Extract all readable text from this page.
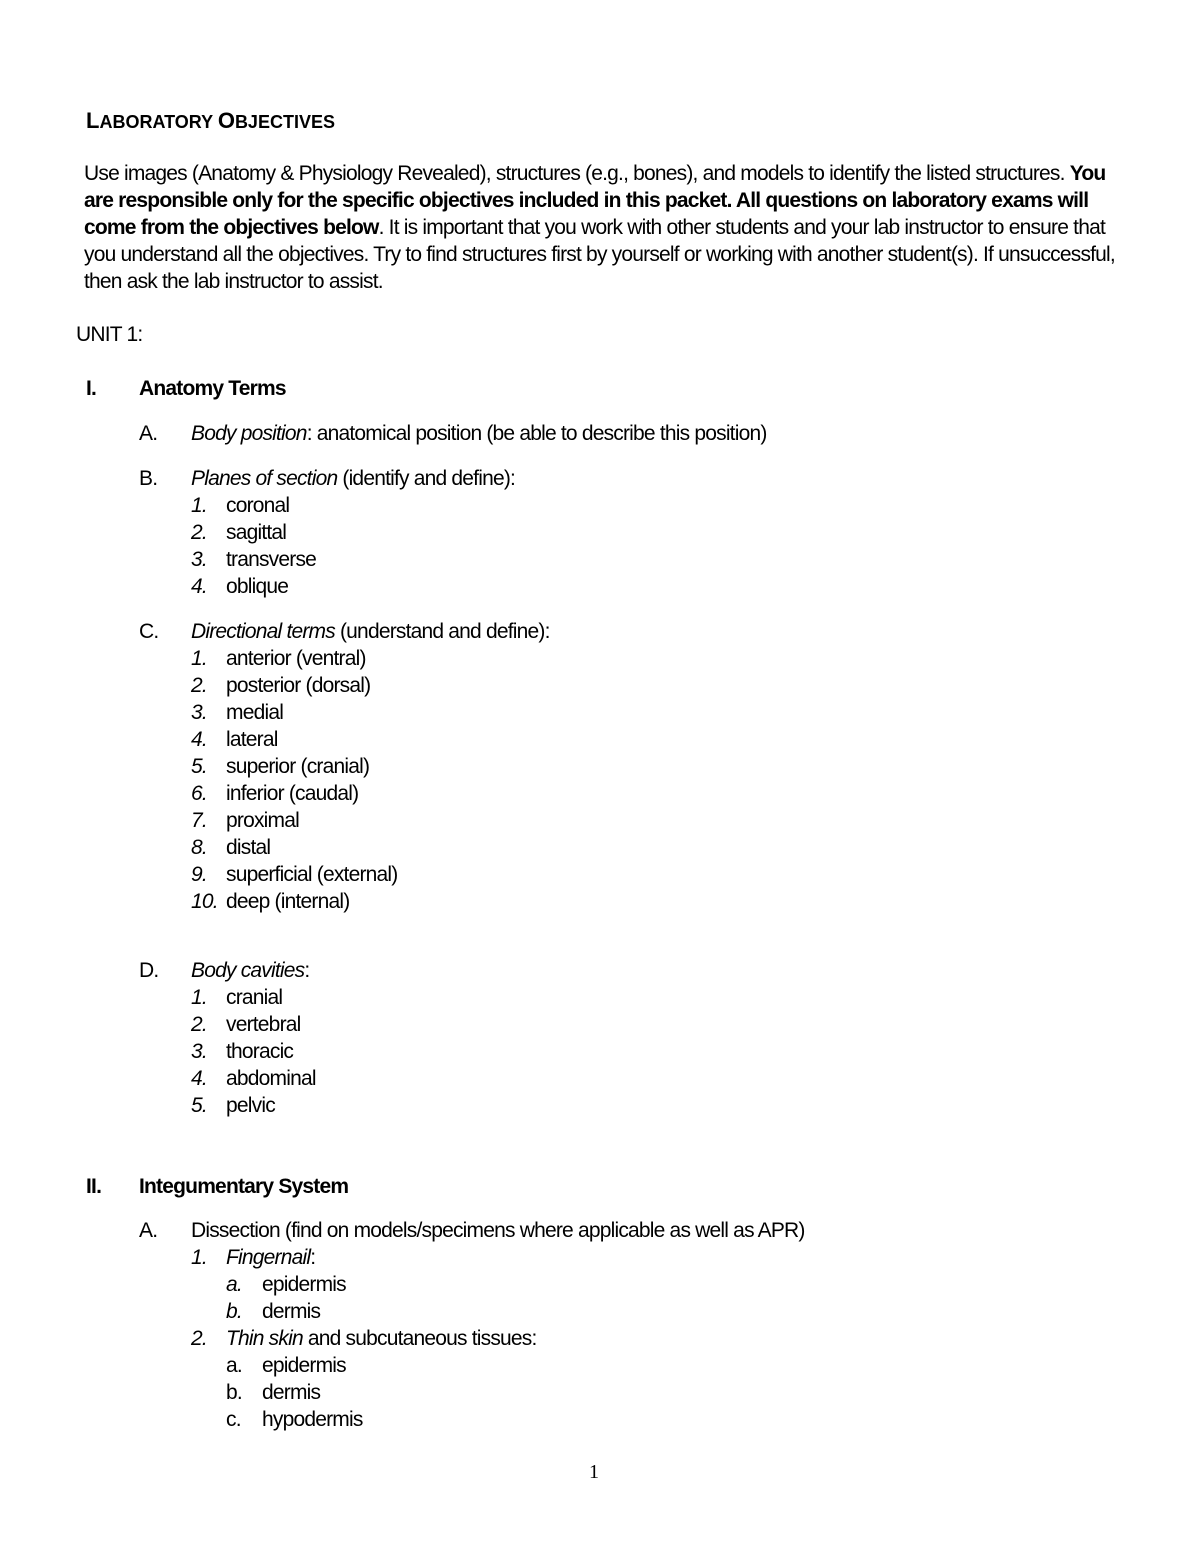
LABORATORY OBJECTIVES
Use images (Anatomy & Physiology Revealed), structures (e.g., bones), and models to identify the listed structures. You are responsible only for the specific objectives included in this packet. All questions on laboratory exams will come from the objectives below. It is important that you work with other students and your lab instructor to ensure that you understand all the objectives. Try to find structures first by yourself or working with another student(s). If unsuccessful, then ask the lab instructor to assist.
UNIT 1:
I. Anatomy Terms
A. Body position: anatomical position (be able to describe this position)
B. Planes of section (identify and define):
1. coronal
2. sagittal
3. transverse
4. oblique
C. Directional terms (understand and define):
1. anterior (ventral)
2. posterior (dorsal)
3. medial
4. lateral
5. superior (cranial)
6. inferior (caudal)
7. proximal
8. distal
9. superficial (external)
10. deep (internal)
D. Body cavities:
1. cranial
2. vertebral
3. thoracic
4. abdominal
5. pelvic
II. Integumentary System
A. Dissection (find on models/specimens where applicable as well as APR)
1. Fingernail:
a. epidermis
b. dermis
2. Thin skin and subcutaneous tissues:
a. epidermis
b. dermis
c. hypodermis
1
